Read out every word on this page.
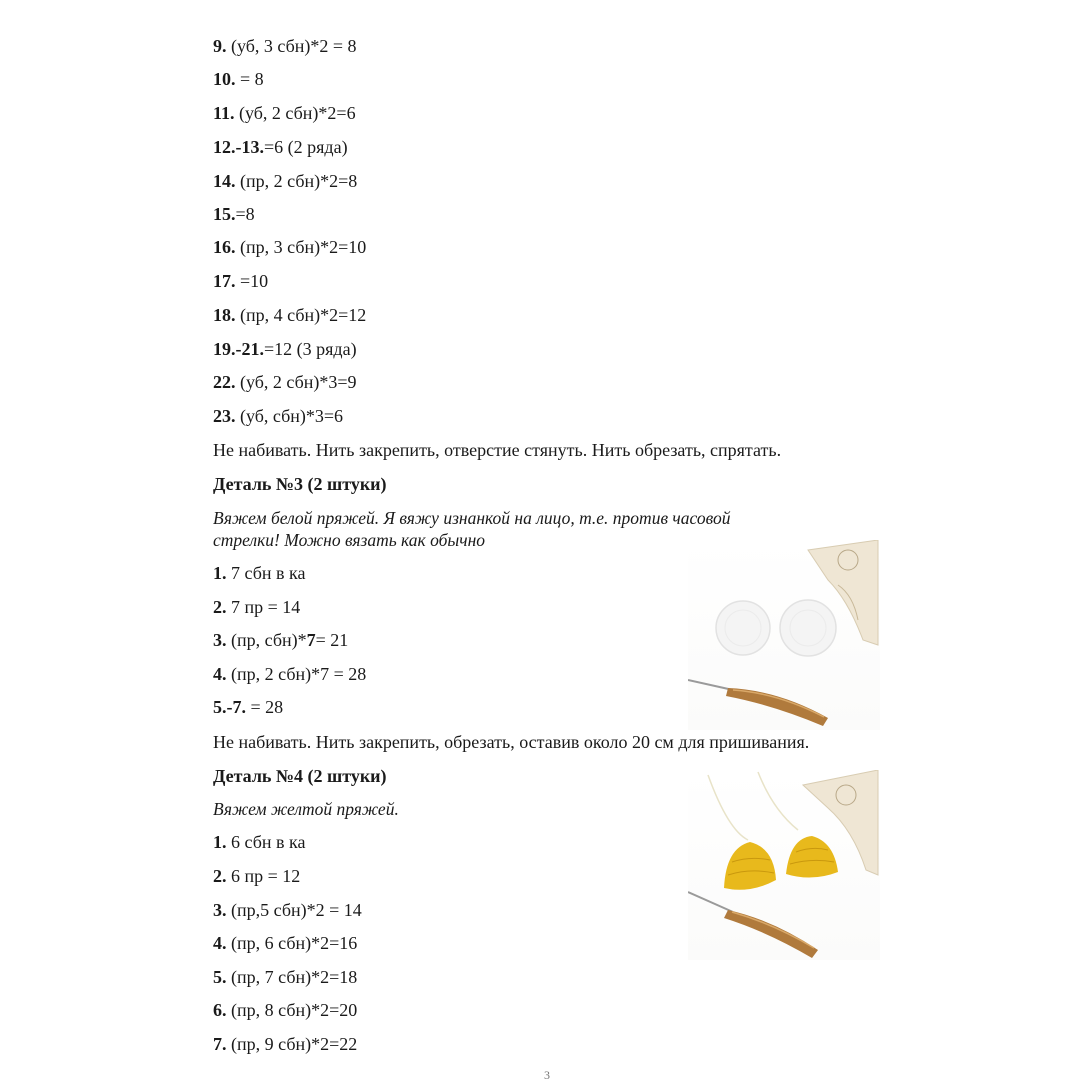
9. (уб, 3 сбн)*2 = 8
10. = 8
11. (уб, 2 сбн)*2=6
12.-13.=6 (2 ряда)
14. (пр, 2 сбн)*2=8
15.=8
16. (пр, 3 сбн)*2=10
17. =10
18. (пр, 4 сбн)*2=12
19.-21.=12 (3 ряда)
22. (уб, 2 сбн)*3=9
23. (уб, сбн)*3=6
Не набивать. Нить закрепить, отверстие стянуть. Нить обрезать, спрятать.
Деталь №3 (2 штуки)
Вяжем белой пряжей. Я вяжу изнанкой на лицо, т.е. против часовой
стрелки! Можно вязать как обычно
1. 7 сбн в ка
2. 7 пр = 14
3. (пр, сбн)*7= 21
4. (пр, 2 сбн)*7 = 28
5.-7. = 28
Не набивать. Нить закрепить, обрезать, оставив около 20 см для пришивания.
Деталь №4 (2 штуки)
Вяжем желтой пряжей.
1. 6 сбн в ка
2. 6 пр = 12
3. (пр,5 сбн)*2 = 14
4. (пр, 6 сбн)*2=16
5. (пр, 7 сбн)*2=18
6. (пр, 8 сбн)*2=20
7. (пр, 9 сбн)*2=22
3
